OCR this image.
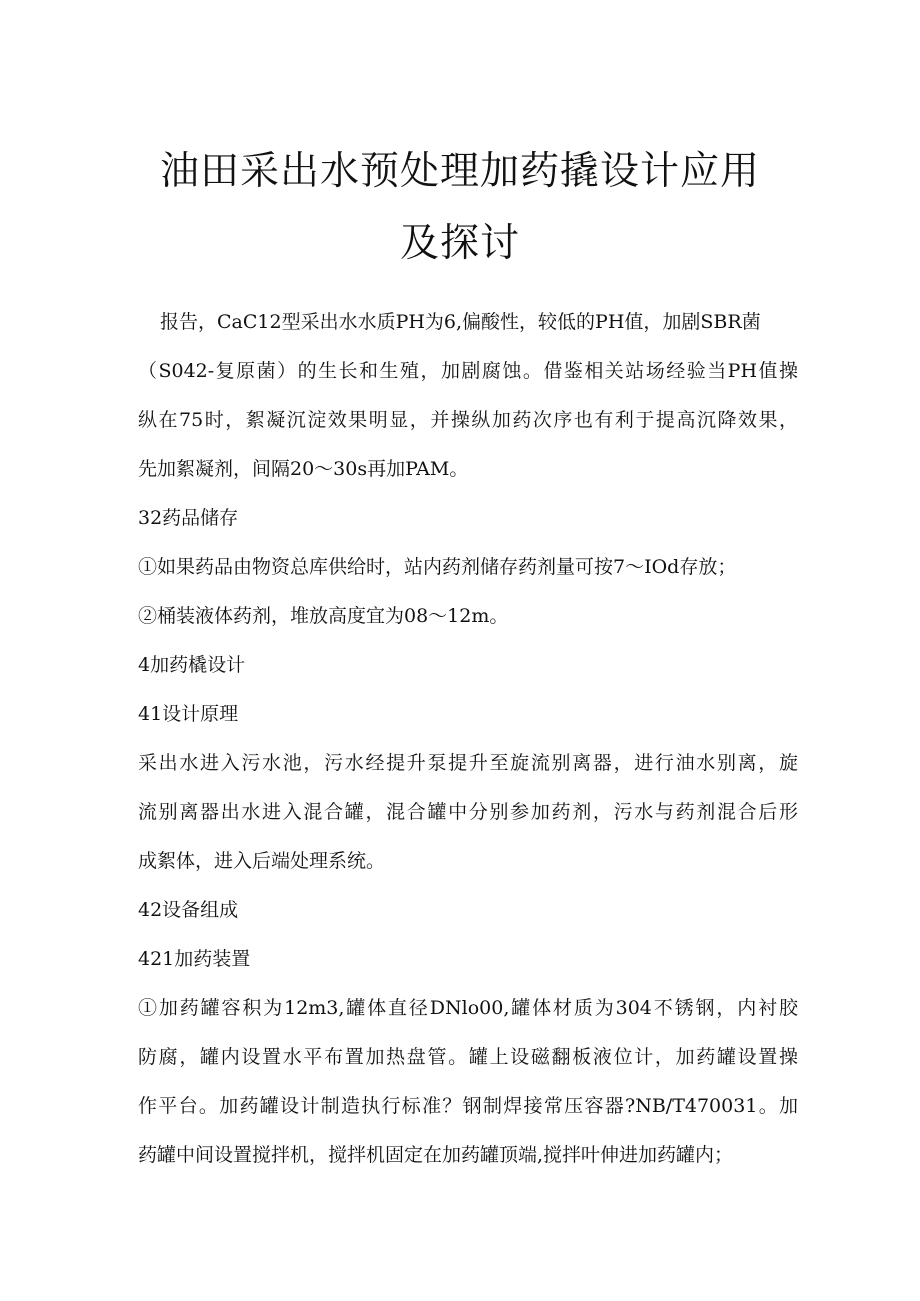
油田采出水预处理加药撬设计应用
及探讨
报告，CaC12型采出水水质PH为6,偏酸性，较低的PH值，加剧SBR菌
（S042-复原菌）的生长和生殖，加剧腐蚀。借鉴相关站场经验当PH值操
纵在75时，絮凝沉淀效果明显，并操纵加药次序也有利于提高沉降效果，
先加絮凝剂，间隔20～30s再加PAM。
32药品储存
①如果药品由物资总库供给时，站内药剂储存药剂量可按7～IOd存放；
②桶装液体药剂，堆放高度宜为08～12m。
4加药橇设计
41设计原理
采出水进入污水池，污水经提升泵提升至旋流别离器，进行油水别离，旋
流别离器出水进入混合罐，混合罐中分别参加药剂，污水与药剂混合后形
成絮体，进入后端处理系统。
42设备组成
421加药装置
①加药罐容积为12m3,罐体直径DNlo00,罐体材质为304不锈钢，内衬胶
防腐，罐内设置水平布置加热盘管。罐上设磁翻板液位计，加药罐设置操
作平台。加药罐设计制造执行标准？钢制焊接常压容器?NB/T470031。加
药罐中间设置搅拌机，搅拌机固定在加药罐顶端,搅拌叶伸进加药罐内；
